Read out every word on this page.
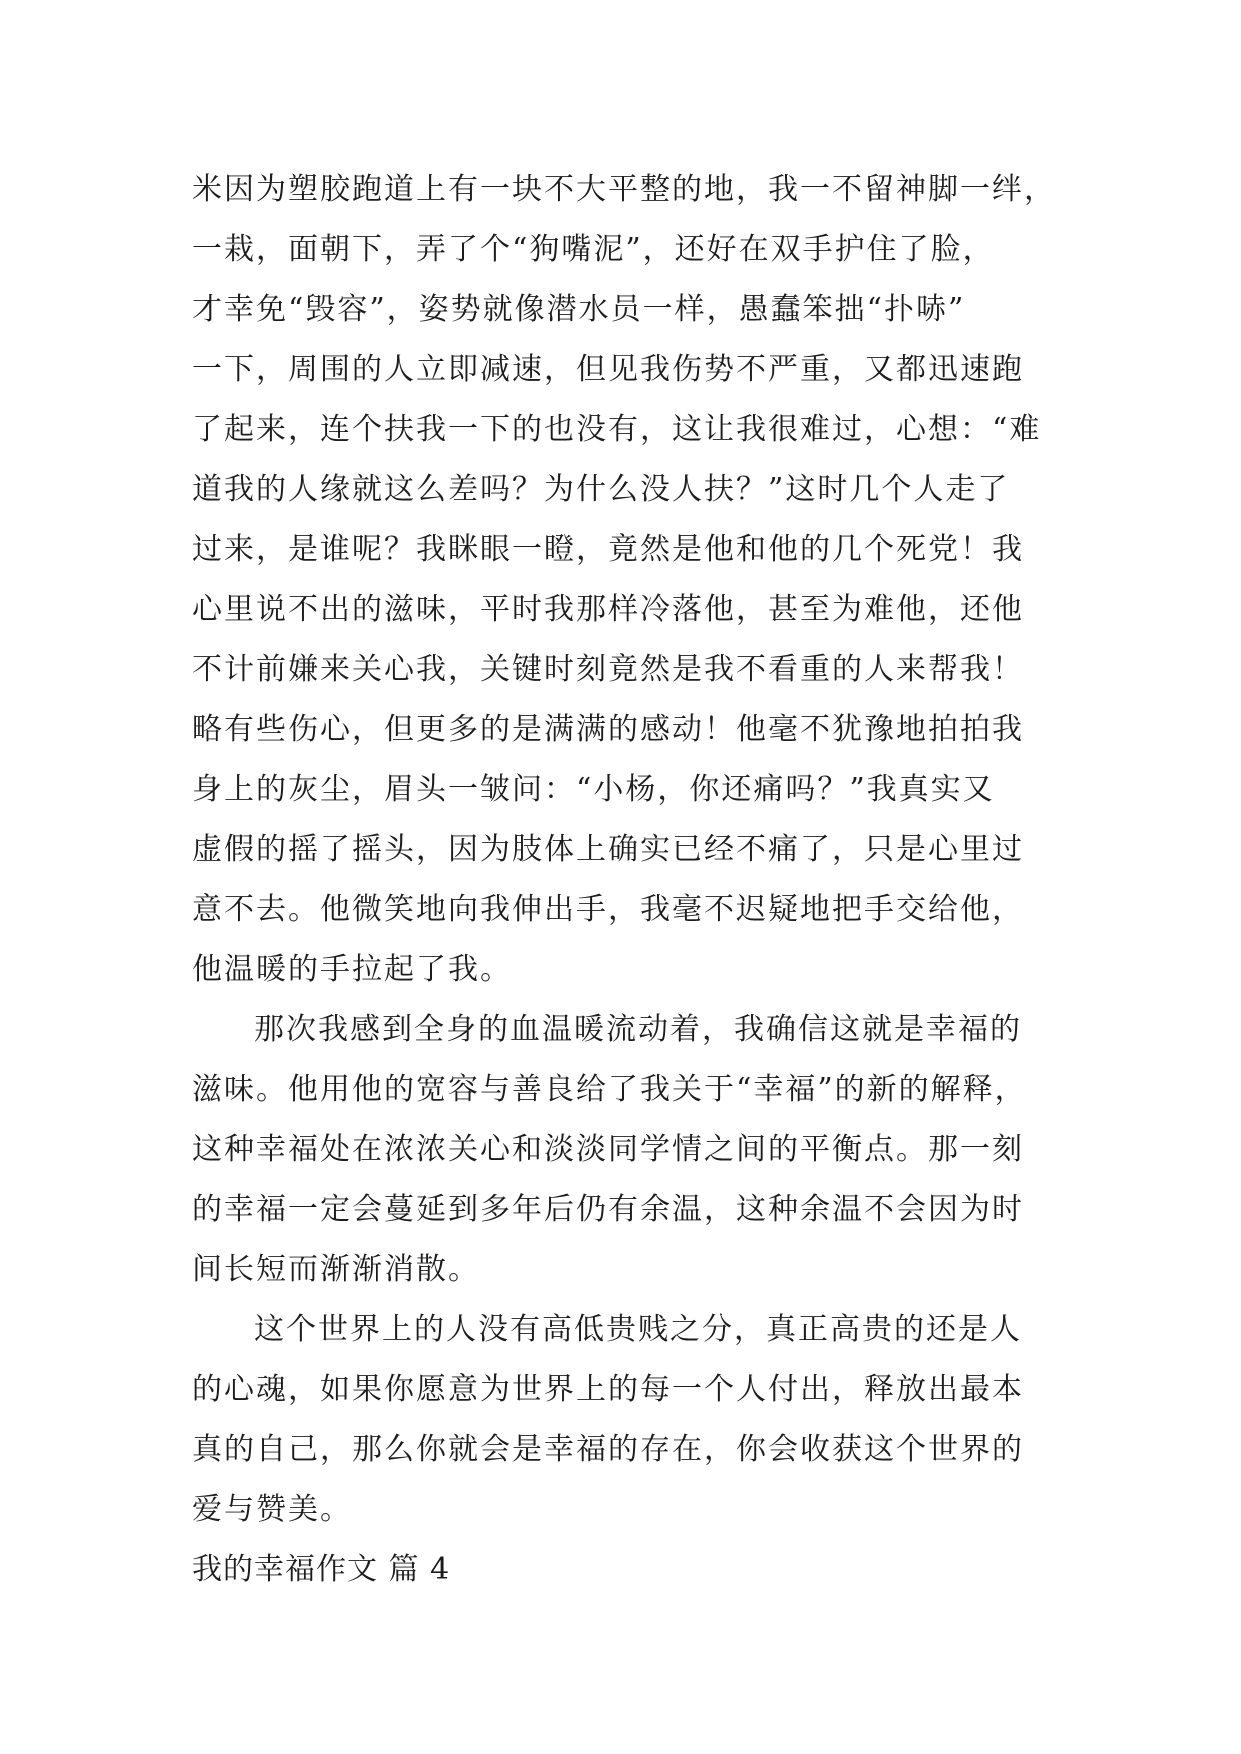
米因为塑胶跑道上有一块不大平整的地，我一不留神脚一绊，
一栽，面朝下，弄了个“狗嘴泥”，还好在双手护住了脸，
才幸免“毁容”，姿势就像潜水员一样，愚蠢笨拙“扑哧”
一下，周围的人立即减速，但见我伤势不严重，又都迅速跑
了起来，连个扶我一下的也没有，这让我很难过，心想：“难
道我的人缘就这么差吗？为什么没人扶？”这时几个人走了
过来，是谁呢？我眯眼一瞪，竟然是他和他的几个死党！我
心里说不出的滋味，平时我那样冷落他，甚至为难他，还他
不计前嫌来关心我，关键时刻竟然是我不看重的人来帮我！
略有些伤心，但更多的是满满的感动！他毫不犹豫地拍拍我
身上的灰尘，眉头一皱问：“小杨，你还痛吗？”我真实又
虚假的摇了摇头，因为肢体上确实已经不痛了，只是心里过
意不去。他微笑地向我伸出手，我毫不迟疑地把手交给他，
他温暖的手拉起了我。
那次我感到全身的血温暖流动着，我确信这就是幸福的
滋味。他用他的宽容与善良给了我关于“幸福”的新的解释，
这种幸福处在浓浓关心和淡淡同学情之间的平衡点。那一刻
的幸福一定会蔓延到多年后仍有余温，这种余温不会因为时
间长短而渐渐消散。
这个世界上的人没有高低贵贱之分，真正高贵的还是人
的心魂，如果你愿意为世界上的每一个人付出，释放出最本
真的自己，那么你就会是幸福的存在，你会收获这个世界的
爱与赞美。
我的幸福作文 篇 4
